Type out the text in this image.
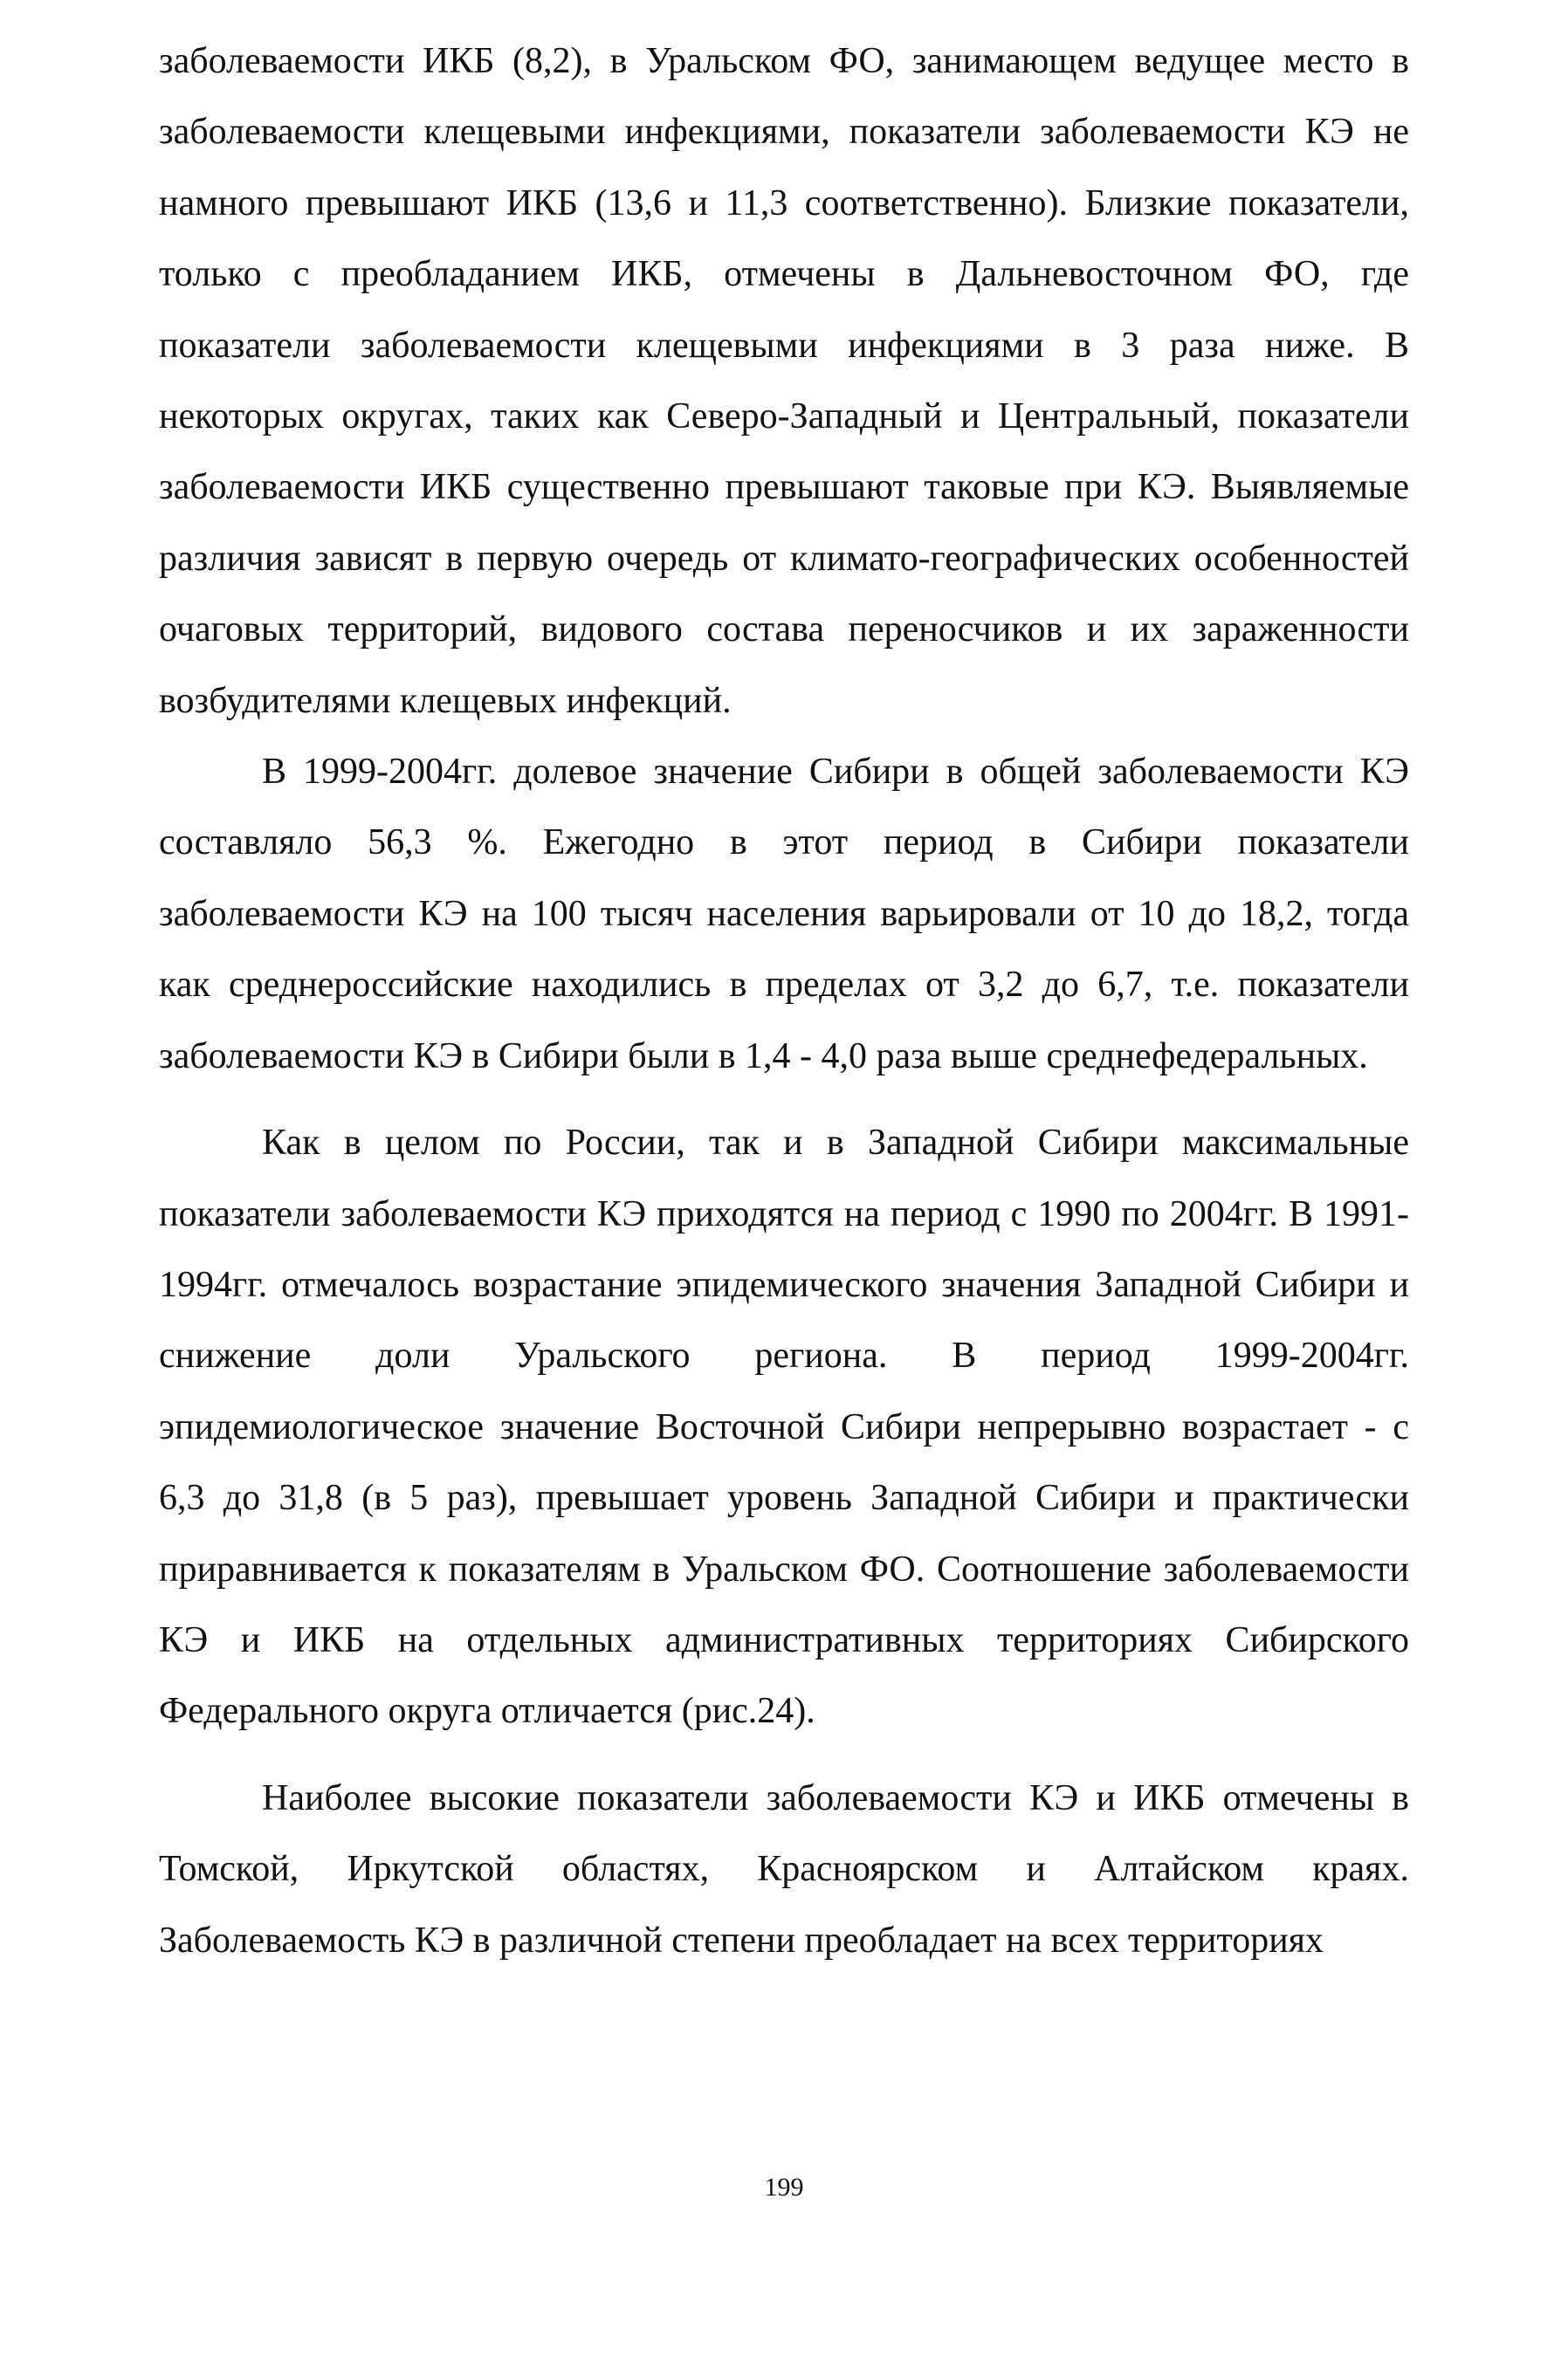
заболеваемости ИКБ (8,2), в Уральском ФО, занимающем ведущее место в заболеваемости клещевыми инфекциями, показатели заболеваемости КЭ не намного превышают ИКБ (13,6 и 11,3 соответственно). Близкие показатели, только с преобладанием ИКБ, отмечены в Дальневосточном ФО, где показатели заболеваемости клещевыми инфекциями в 3 раза ниже. В некоторых округах, таких как Северо-Западный и Центральный, показатели заболеваемости ИКБ существенно превышают таковые при КЭ. Выявляемые различия зависят в первую очередь от климато-географических особенностей очаговых территорий, видового состава переносчиков и их зараженности возбудителями клещевых инфекций.

В 1999-2004гг. долевое значение Сибири в общей заболеваемости КЭ составляло 56,3 %. Ежегодно в этот период в Сибири показатели заболеваемости КЭ на 100 тысяч населения варьировали от 10 до 18,2, тогда как среднероссийские находились в пределах от 3,2 до 6,7, т.е. показатели заболеваемости КЭ в Сибири были в 1,4 - 4,0 раза выше среднефедеральных.

Как в целом по России, так и в Западной Сибири максимальные показатели заболеваемости КЭ приходятся на период с 1990 по 2004гг. В 1991-1994гг. отмечалось возрастание эпидемического значения Западной Сибири и снижение доли Уральского региона. В период 1999-2004гг. эпидемиологическое значение Восточной Сибири непрерывно возрастает - с 6,3 до 31,8 (в 5 раз), превышает уровень Западной Сибири и практически приравнивается к показателям в Уральском ФО. Соотношение заболеваемости КЭ и ИКБ на отдельных административных территориях Сибирского Федерального округа отличается (рис.24).

Наиболее высокие показатели заболеваемости КЭ и ИКБ отмечены в Томской, Иркутской областях, Красноярском и Алтайском краях. Заболеваемость КЭ в различной степени преобладает на всех территориях

199
